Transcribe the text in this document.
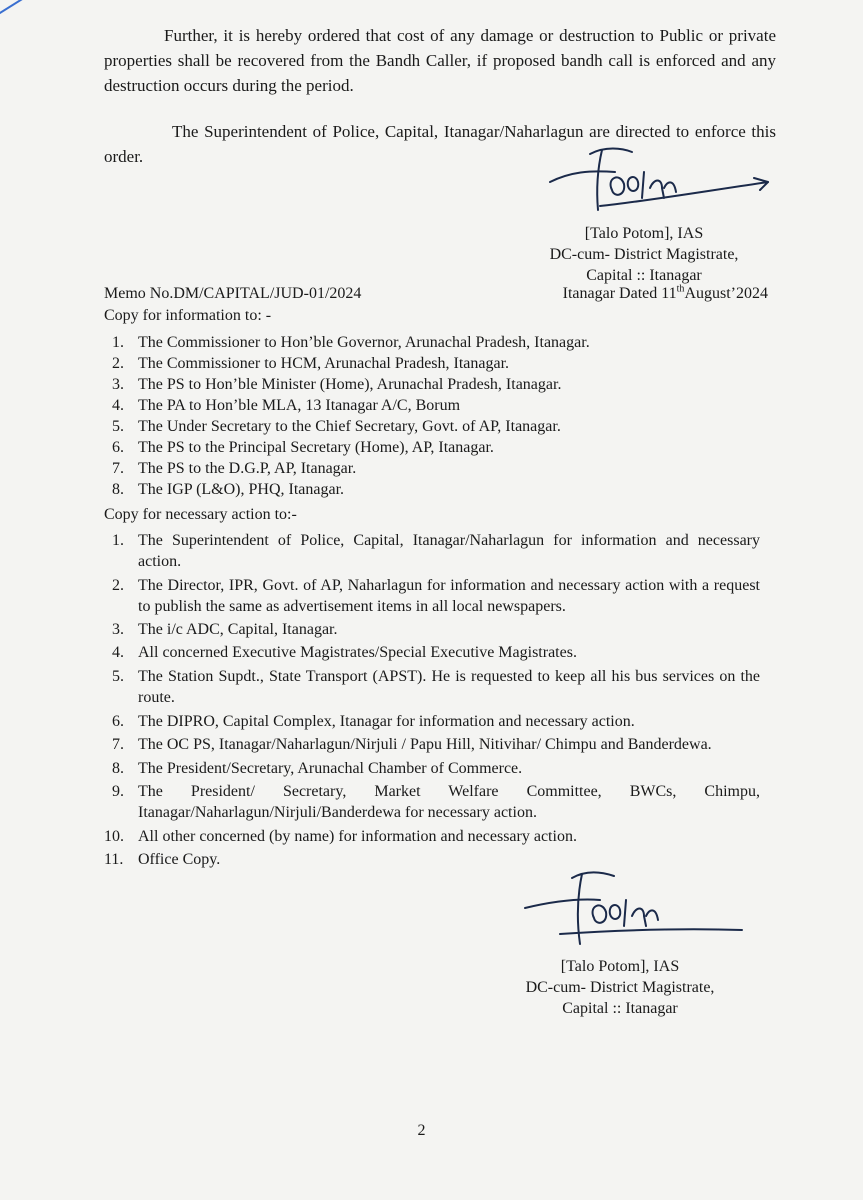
Further, it is hereby ordered that cost of any damage or destruction to Public or private properties shall be recovered from the Bandh Caller, if proposed bandh call is enforced and any destruction occurs during the period.

The Superintendent of Police, Capital, Itanagar/Naharlagun are directed to enforce this order.

[Talo Potom], IAS
DC-cum- District Magistrate,
Capital :: Itanagar
Memo No.DM/CAPITAL/JUD-01/2024	Itanagar Dated 11thAugust’2024

Copy for information to: -

1. The Commissioner to Hon’ble Governor, Arunachal Pradesh, Itanagar.
2. The Commissioner to HCM, Arunachal Pradesh, Itanagar.
3. The PS to Hon’ble Minister (Home), Arunachal Pradesh, Itanagar.
4. The PA to Hon’ble MLA, 13 Itanagar A/C, Borum
5. The Under Secretary to the Chief Secretary, Govt. of AP, Itanagar.
6. The PS to the Principal Secretary (Home), AP, Itanagar.
7. The PS to the D.G.P, AP, Itanagar.
8. The IGP (L&O), PHQ, Itanagar.

Copy for necessary action to:-

1. The Superintendent of Police, Capital, Itanagar/Naharlagun for information and necessary action.
2. The Director, IPR, Govt. of AP, Naharlagun for information and necessary action with a request to publish the same as advertisement items in all local newspapers.
3. The i/c ADC, Capital, Itanagar.
4. All concerned Executive Magistrates/Special Executive Magistrates.
5. The Station Supdt., State Transport (APST). He is requested to keep all his bus services on the route.
6. The DIPRO, Capital Complex, Itanagar for information and necessary action.
7. The OC PS, Itanagar/Naharlagun/Nirjuli / Papu Hill, Nitivihar/ Chimpu and Banderdewa.
8. The President/Secretary, Arunachal Chamber of Commerce.
9. The President/ Secretary, Market Welfare Committee, BWCs, Chimpu, Itanagar/Naharlagun/Nirjuli/Banderdewa for necessary action.
10. All other concerned (by name) for information and necessary action.
11. Office Copy.
[Talo Potom], IAS
DC-cum- District Magistrate,
Capital :: Itanagar
2
